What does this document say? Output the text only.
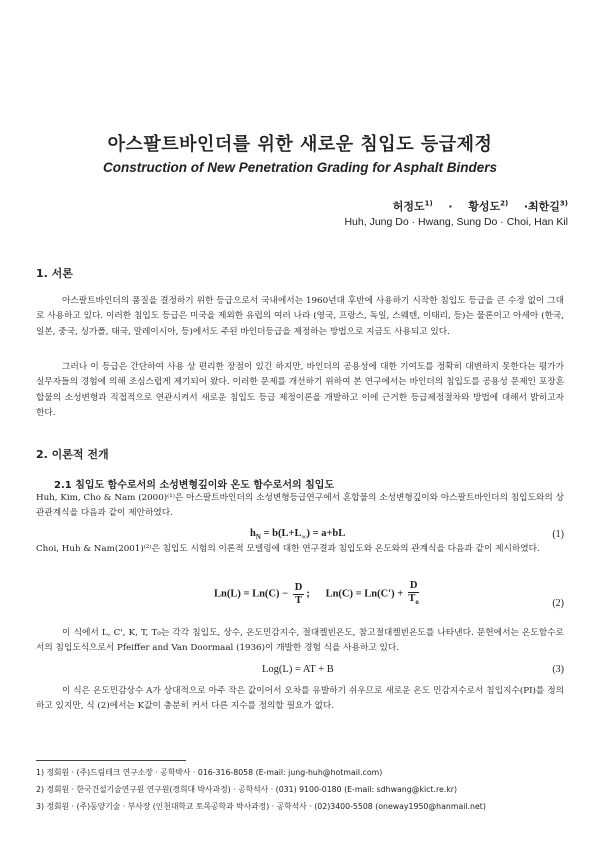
아스팔트바인더를 위한 새로운 침입도 등급제정
Construction of New Penetration Grading for Asphalt Binders
허정도$^{1)}$ · 황성도$^{2)}$ ·최한길$^{3)}$
Huh, Jung Do · Hwang, Sung Do · Choi, Han Kil
1. 서론

아스팔트바인더의 품질을 결정하기 위한 등급으로서 국내에서는 1960년대 후반에 사용하기 시작한 침입도 등급을 큰 수정 없이 그대로 사용하고 있다. 이러한 침입도 등급은 미국을 제외한 유럽의 여러 나라 (영국, 프랑스, 독일, 스웨덴, 이태리, 등)는 물론이고 아세아 (한국, 일본, 중국, 싱가폴, 태국, 말레이시아, 등)에서도 주된 바인더등급을 제정하는 방법으로 지금도 사용되고 있다.

그러나 이 등급은 간단하여 사용 상 편리한 장점이 있긴 하지만, 바인더의 공용성에 대한 기여도를 정확히 대변하지 못한다는 평가가 실무자들의 경험에 의해 조심스럽게 제기되어 왔다. 이러한 문제를 개선하기 위하여 본 연구에서는 바인더의 침입도를 공용성 문제인 포장혼합물의 소성변형과 직접적으로 연관시켜서 새로운 침입도 등급 제정이론을 개발하고 이에 근거한 등급제정절차와 방법에 대해서 밝히고자 한다.

2. 이론적 전개
2.1 침입도 함수로서의 소성변형깊이와 온도 함수로서의 침입도

Huh, Kim, Cho & Nam (2000)⁽¹⁾은 아스팔트바인더의 소성변형등급연구에서 혼합물의 소성변형깊이와 아스팔트바인더의 침입도와의 상관관계식을 다음과 같이 제안하였다.

$h_N = b(L+L_\infty) = a+bL$	(1)

Choi, Huh & Nam(2001)⁽²⁾은 침입도 시험의 이론적 모델링에 대한 연구결과 침입도와 온도와의 관계식을 다음과 같이 제시하였다.

$Ln(L) = Ln(C) - \frac{D}{T}$ ; $Ln(C) = Ln(C') + \frac{D}{T_o}$	(2)

이 식에서 L, C', K, T, T₀는 각각 침입도, 상수, 온도민감지수, 절대켈빈온도, 참고절대켈빈온도를 나타낸다. 문헌에서는 온도함수로서의 침입도식으로서 Pfeiffer and Van Doormaal (1936)이 개발한 경험 식을 사용하고 있다.

Log(L) = AT + B	(3)

이 식은 온도민감상수 A가 상대적으로 아주 작은 값이어서 오차를 유발하기 쉬우므로 새로운 온도 민감지수로서 침입지수(PI)를 정의하고 있지만, 식 (2)에서는 K값이 충분히 커서 다른 지수를 정의할 필요가 없다.

1) 정회원 · (주)드림테크 연구소장 · 공학박사 · 016-316-8058 (E-mail: jung-huh@hotmail.com)
2) 정회원 · 한국건설기술연구원 연구원(경희대 박사과정) · 공학석사 · (031) 9100-0180 (E-mail: sdhwang@kict.re.kr)
3) 정회원 · (주)동양기술 · 부사장 (인천대학교 토목공학과 박사과정) · 공학석사 · (02)3400-5508 (oneway1950@hanmail.net)
